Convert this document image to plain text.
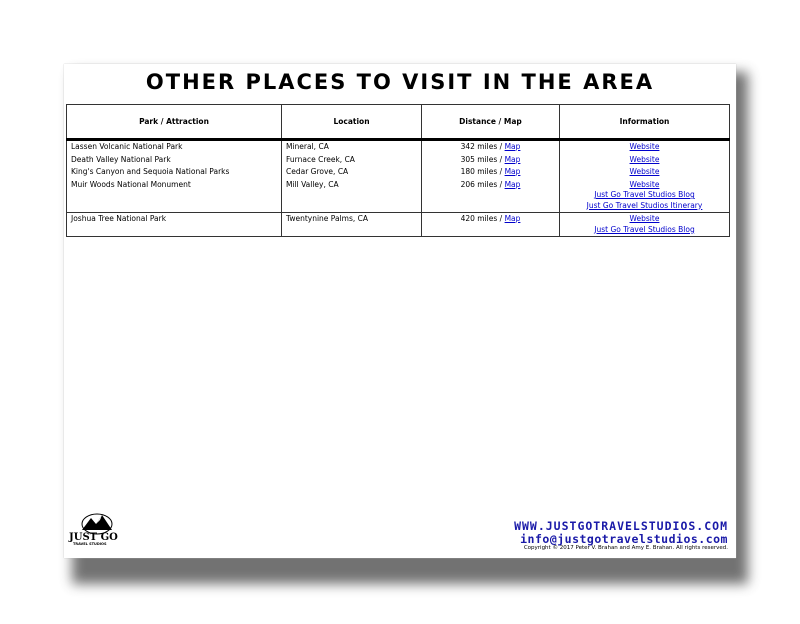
OTHER PLACES TO VISIT IN THE AREA
Park / Attraction	Location	Distance / Map	Information
Lassen Volcanic National Park	Mineral, CA	342 miles / Map	Website

Death Valley National Park	Furnace Creek, CA	305 miles / Map	Website

King's Canyon and Sequoia National Parks	Cedar Grove, CA	180 miles / Map	Website

Muir Woods National Monument	Mill Valley, CA	206 miles / Map	Website
Just Go Travel Studios Blog
Just Go Travel Studios Itinerary

Joshua Tree National Park	Twentynine Palms, CA	420 miles / Map	Website
Just Go Travel Studios Blog
JUST GO
TRAVEL STUDIOS
WWW.JUSTGOTRAVELSTUDIOS.COM
info@justgotravelstudios.com
Copyright © 2017 Peter V. Brahan and Amy E. Brahan. All rights reserved.
